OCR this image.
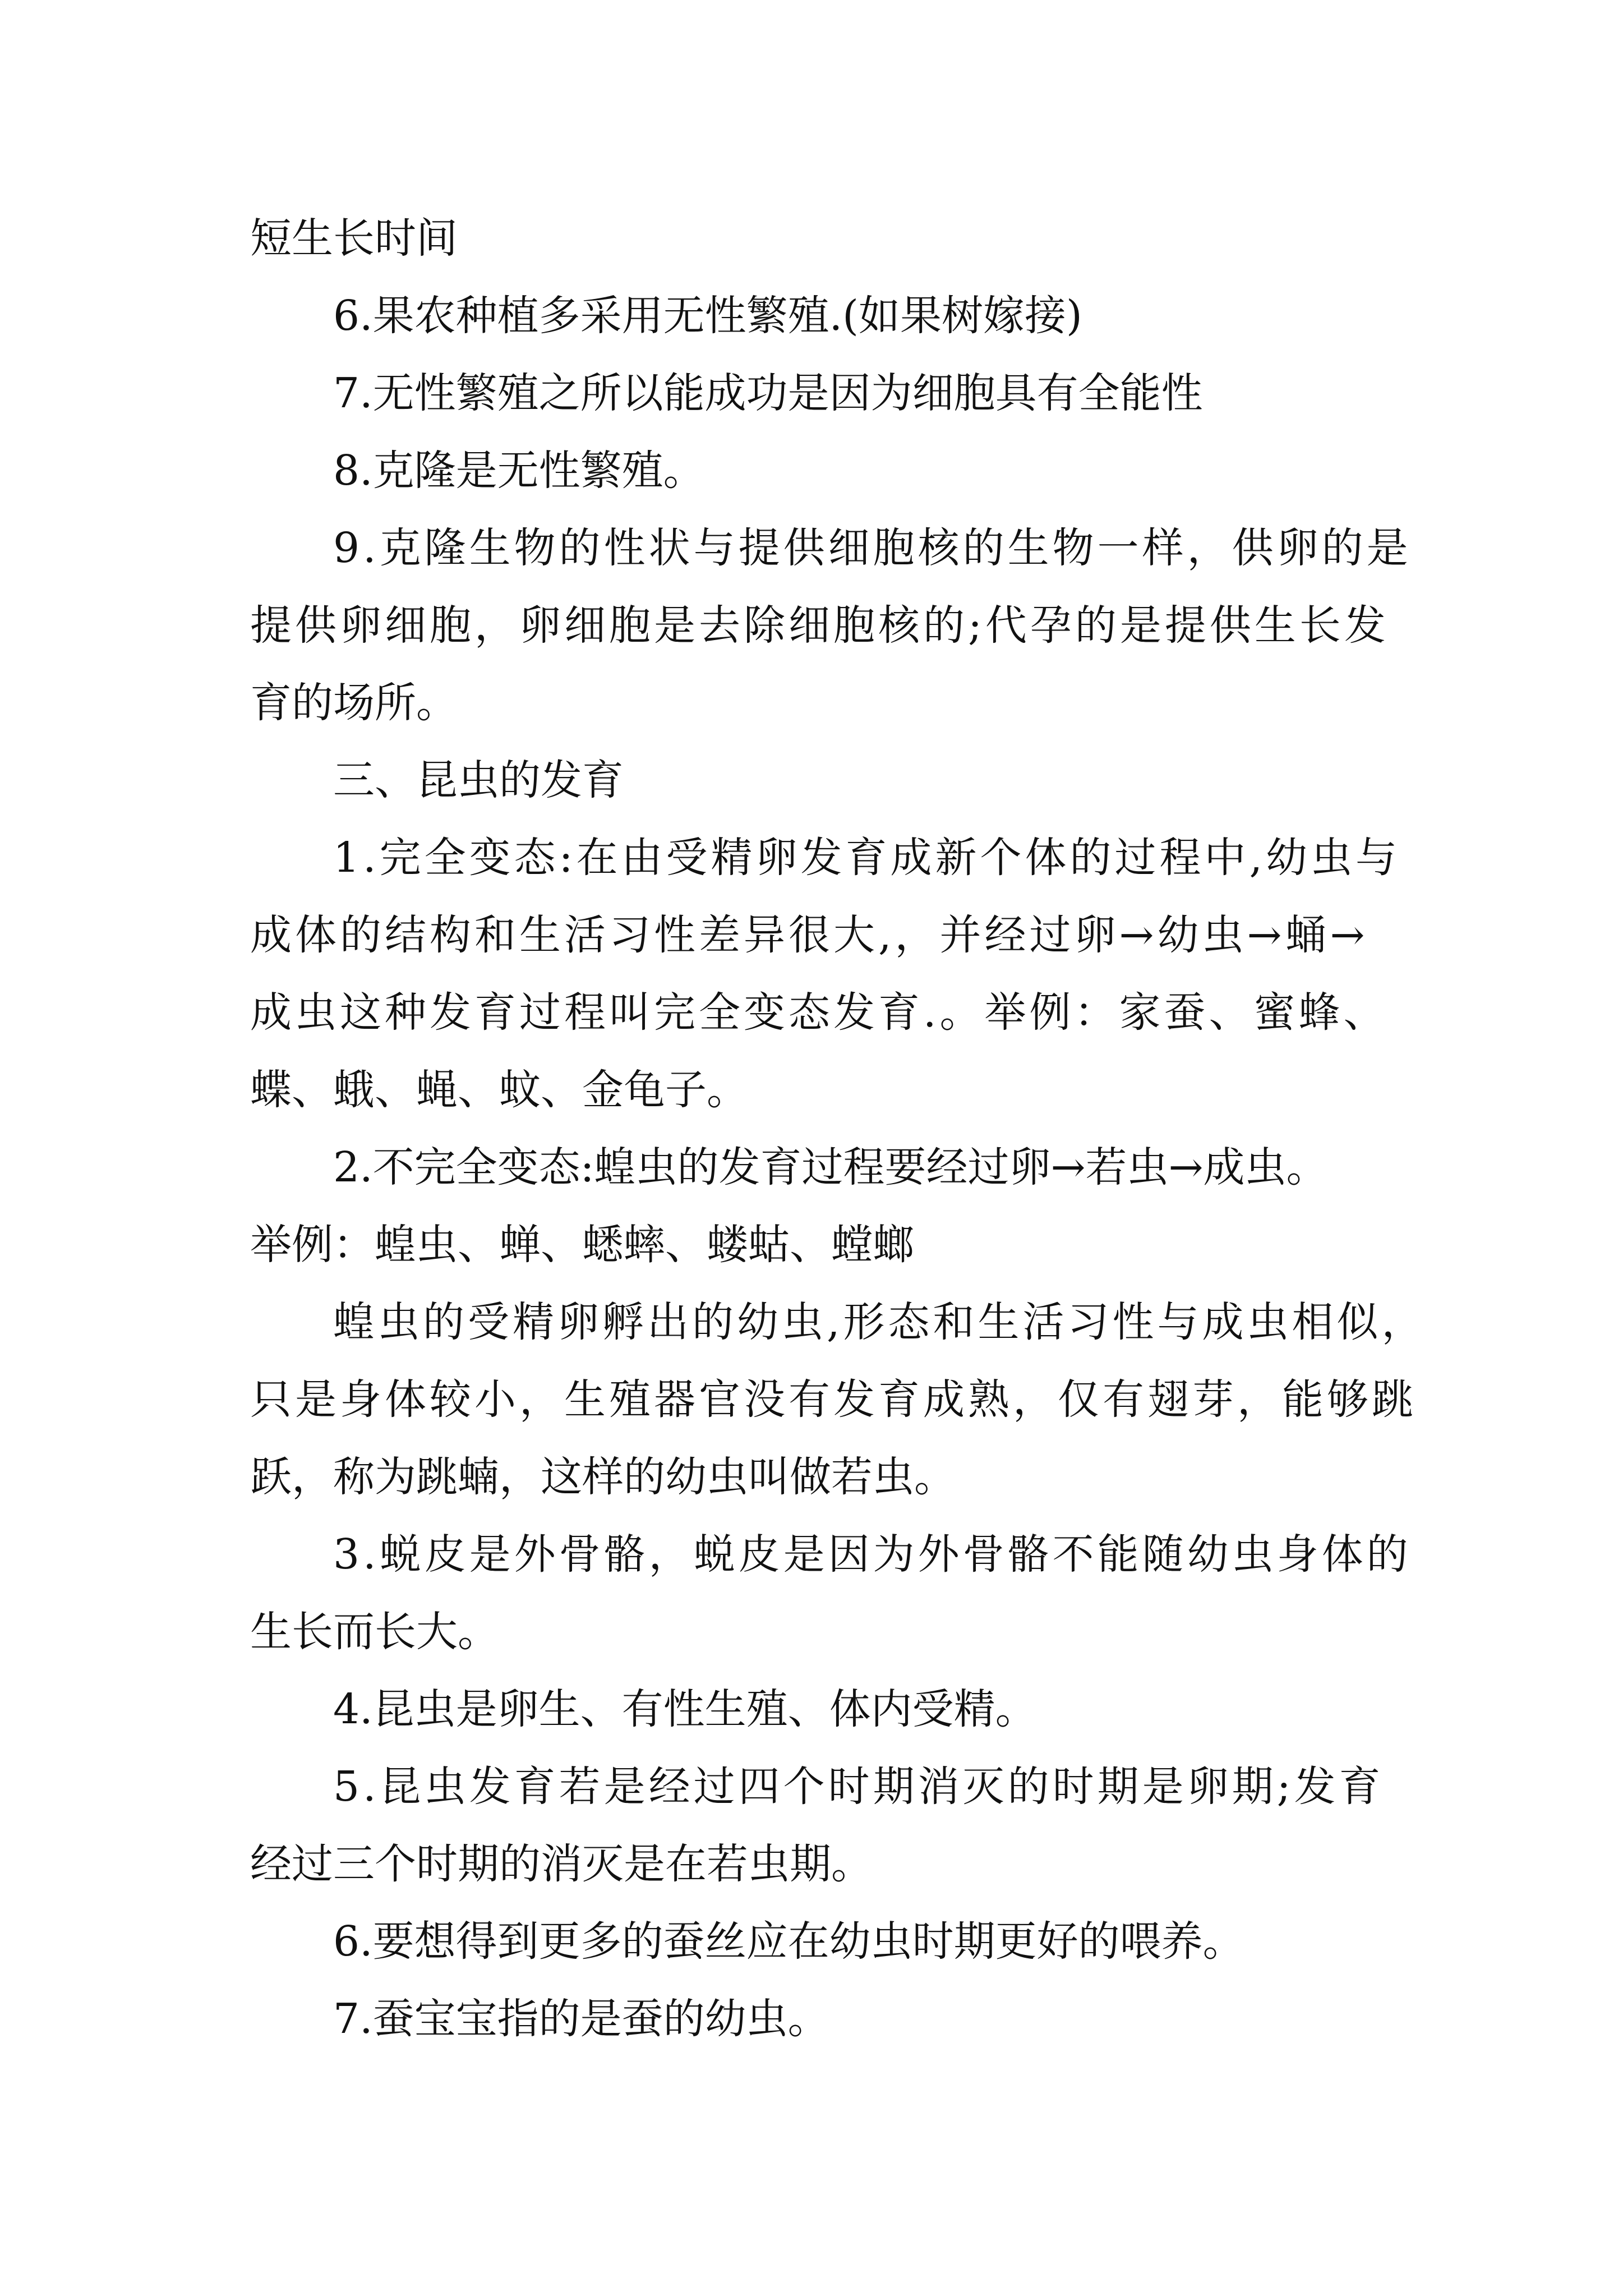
短生长时间
6.果农种植多采用无性繁殖.(如果树嫁接)
7.无性繁殖之所以能成功是因为细胞具有全能性
8.克隆是无性繁殖。
9.克隆生物的性状与提供细胞核的生物一样，供卵的是
提供卵细胞，卵细胞是去除细胞核的;代孕的是提供生长发
育的场所。
三、昆虫的发育
1.完全变态:在由受精卵发育成新个体的过程中,幼虫与
成体的结构和生活习性差异很大,，并经过卵→幼虫→蛹→
成虫这种发育过程叫完全变态发育.。举例：家蚕、蜜蜂、
蝶、蛾、蝇、蚊、金龟子。
2.不完全变态:蝗虫的发育过程要经过卵→若虫→成虫。
举例：蝗虫、蝉、蟋蟀、蝼蛄、螳螂
蝗虫的受精卵孵出的幼虫,形态和生活习性与成虫相似，
只是身体较小，生殖器官没有发育成熟，仅有翅芽，能够跳
跃，称为跳蝻，这样的幼虫叫做若虫。
3.蜕皮是外骨骼，蜕皮是因为外骨骼不能随幼虫身体的
生长而长大。
4.昆虫是卵生、有性生殖、体内受精。
5.昆虫发育若是经过四个时期消灭的时期是卵期;发育
经过三个时期的消灭是在若虫期。
6.要想得到更多的蚕丝应在幼虫时期更好的喂养。
7.蚕宝宝指的是蚕的幼虫。
